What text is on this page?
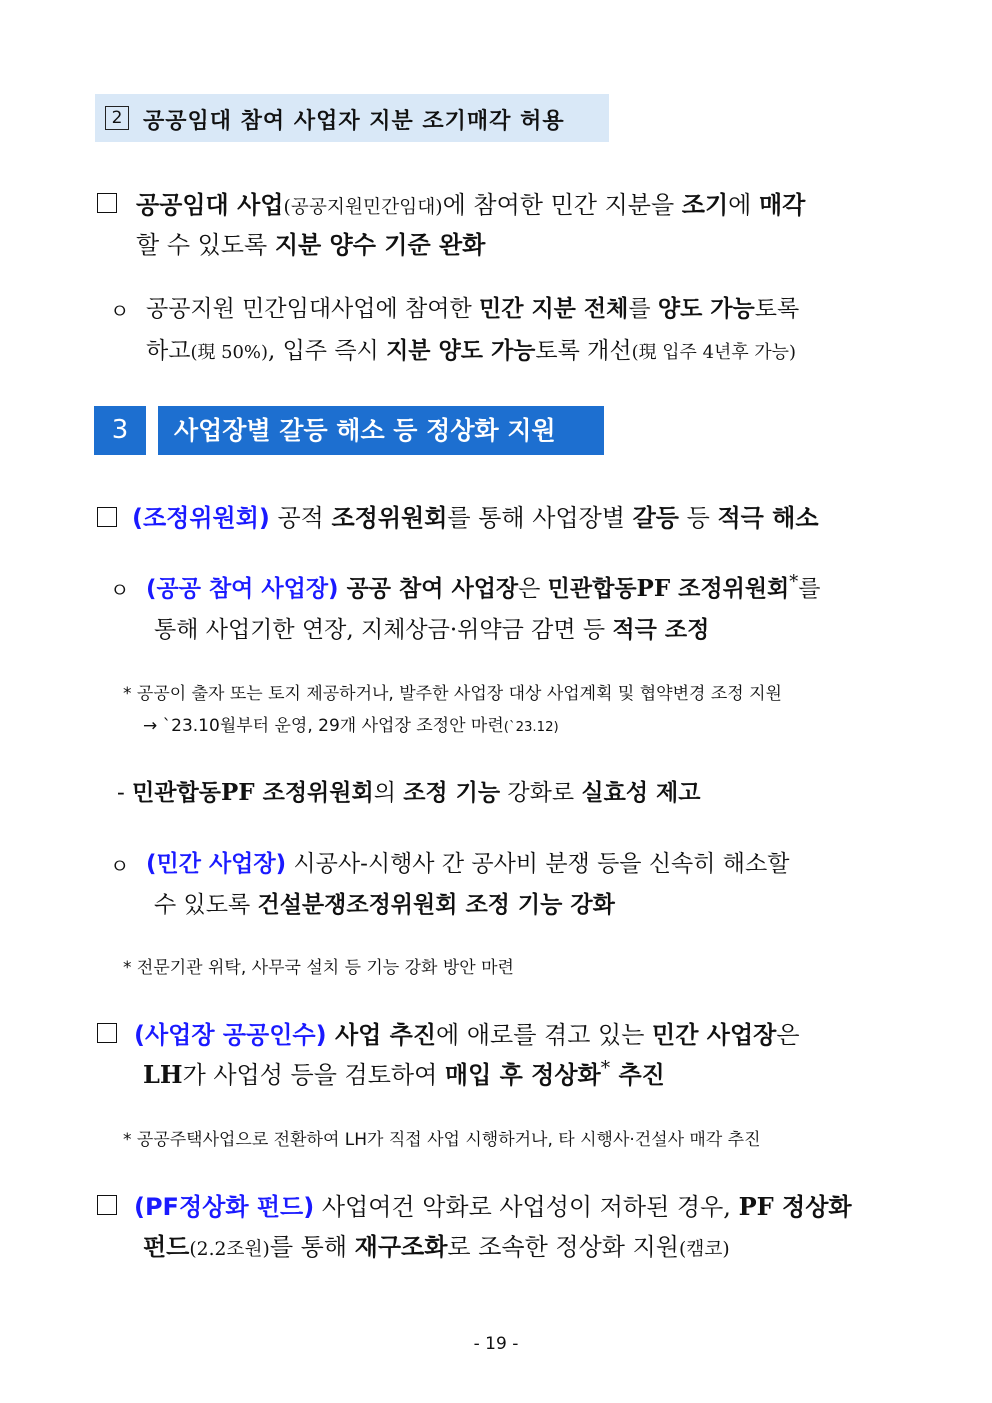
2 공공임대 참여 사업자 지분 조기매각 허용
공공임대 사업(공공지원민간임대)에 참여한 민간 지분을 조기에 매각
할 수 있도록 지분 양수 기준 완화
ㅇ 공공지원 민간임대사업에 참여한 민간 지분 전체를 양도 가능토록
하고(現 50%), 입주 즉시 지분 양도 가능토록 개선(現 입주 4년후 가능)
3	사업장별 갈등 해소 등 정상화 지원
(조정위원회) 공적 조정위원회를 통해 사업장별 갈등 등 적극 해소
ㅇ (공공 참여 사업장) 공공 참여 사업장은 민관합동PF 조정위원회*를
통해 사업기한 연장, 지체상금·위약금 감면 등 적극 조정
* 공공이 출자 또는 토지 제공하거나, 발주한 사업장 대상 사업계획 및 협약변경 조정 지원
→ `23.10월부터 운영, 29개 사업장 조정안 마련(`23.12)
- 민관합동PF 조정위원회의 조정 기능 강화로 실효성 제고
ㅇ (민간 사업장) 시공사-시행사 간 공사비 분쟁 등을 신속히 해소할
수 있도록 건설분쟁조정위원회 조정 기능 강화
* 전문기관 위탁, 사무국 설치 등 기능 강화 방안 마련
(사업장 공공인수) 사업 추진에 애로를 겪고 있는 민간 사업장은
LH가 사업성 등을 검토하여 매입 후 정상화* 추진
* 공공주택사업으로 전환하여 LH가 직접 사업 시행하거나, 타 시행사·건설사 매각 추진
(PF정상화 펀드) 사업여건 악화로 사업성이 저하된 경우, PF 정상화
펀드(2.2조원)를 통해 재구조화로 조속한 정상화 지원(캠코)
- 19 -
